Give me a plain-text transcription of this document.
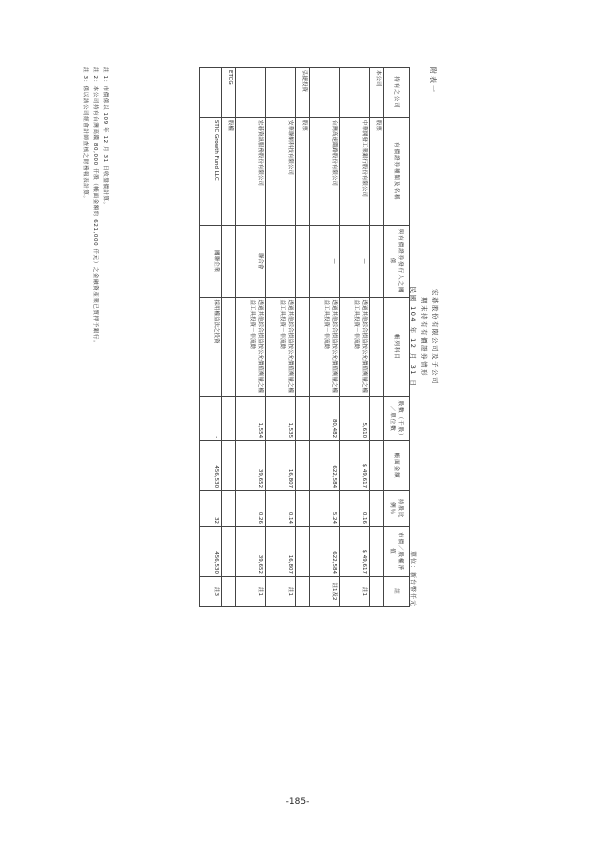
附表一
宏碁股份有限公司及子公司
期末持有有價證券情形
民國 104 年 12 月 31 日
單位：新台幣仟元
持有之公司	有價證券種類及名稱	與有價證券發行人之關係	帳列科目	股數（千股）／單位數	帳面金額	持股比例％	市價／股權淨值	註
本公司	股票							
	中華開發工業銀行股份有限公司	—	透過其他綜合損益按公允價值衡量之權益工具投資－非流動	5,610	$ 49,617	0.16	$ 49,617	註1
	台灣高速鐵路股份有限公司	—	透過其他綜合損益按公允價值衡量之權益工具投資－非流動	80,482	622,584	5.24	622,584	註1及2
弘捷投資	股票							
	安華聯網科技有限公司		透過其他綜合損益按公允價值衡量之權益工具投資－非流動	1,535	16,807	0.14	16,807	註1
	宏碁資訊服務股份有限公司	聯合會	透過其他綜合損益按公允價值衡量之權益工具投資－非流動	1,554	39,652	0.26	39,652	註1
ETCG	股權							
	STIC Growth Fund LLC	關聯企業	採用權益法之投資	-	456,530	32	456,530	註3
註 1：市價係以 109 年 12 月 31 日收盤價計算。
註 2：本公司持有台灣高鐵 80,000 仟股（帳面金額約 621,000 仟元）之金融資產業已質押予銀行。
註 3：係以該公司經會計師查核之財務報表計算。
-185-
